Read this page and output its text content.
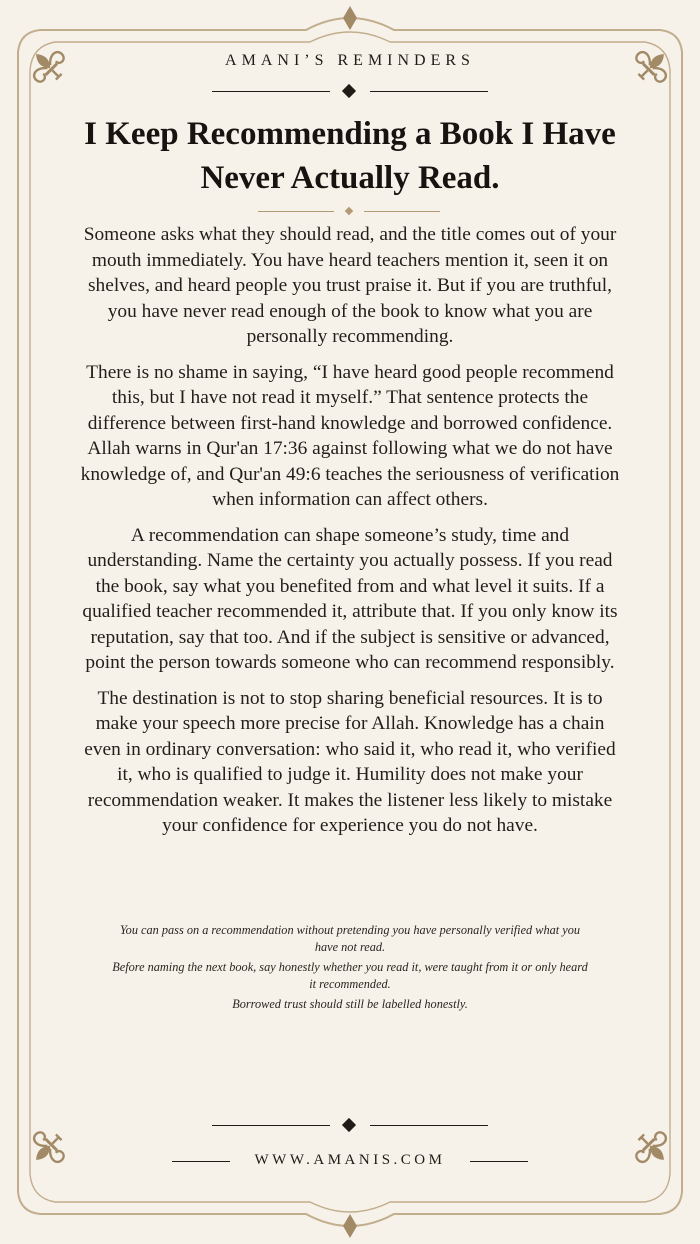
AMANI’S REMINDERS
I Keep Recommending a Book I Have Never Actually Read.

Someone asks what they should read, and the title comes out of your mouth immediately. You have heard teachers mention it, seen it on shelves, and heard people you trust praise it. But if you are truthful, you have never read enough of the book to know what you are personally recommending.

There is no shame in saying, “I have heard good people recommend this, but I have not read it myself.” That sentence protects the difference between first-hand knowledge and borrowed confidence. Allah warns in Qur'an 17:36 against following what we do not have knowledge of, and Qur'an 49:6 teaches the seriousness of verification when information can affect others.

A recommendation can shape someone’s study, time and understanding. Name the certainty you actually possess. If you read the book, say what you benefited from and what level it suits. If a qualified teacher recommended it, attribute that. If you only know its reputation, say that too. And if the subject is sensitive or advanced, point the person towards someone who can recommend responsibly.

The destination is not to stop sharing beneficial resources. It is to make your speech more precise for Allah. Knowledge has a chain even in ordinary conversation: who said it, who read it, who verified it, who is qualified to judge it. Humility does not make your recommendation weaker. It makes the listener less likely to mistake your confidence for experience you do not have.

You can pass on a recommendation without pretending you have personally verified what you have not read.

Before naming the next book, say honestly whether you read it, were taught from it or only heard it recommended.

Borrowed trust should still be labelled honestly.

WWW.AMANIS.COM
